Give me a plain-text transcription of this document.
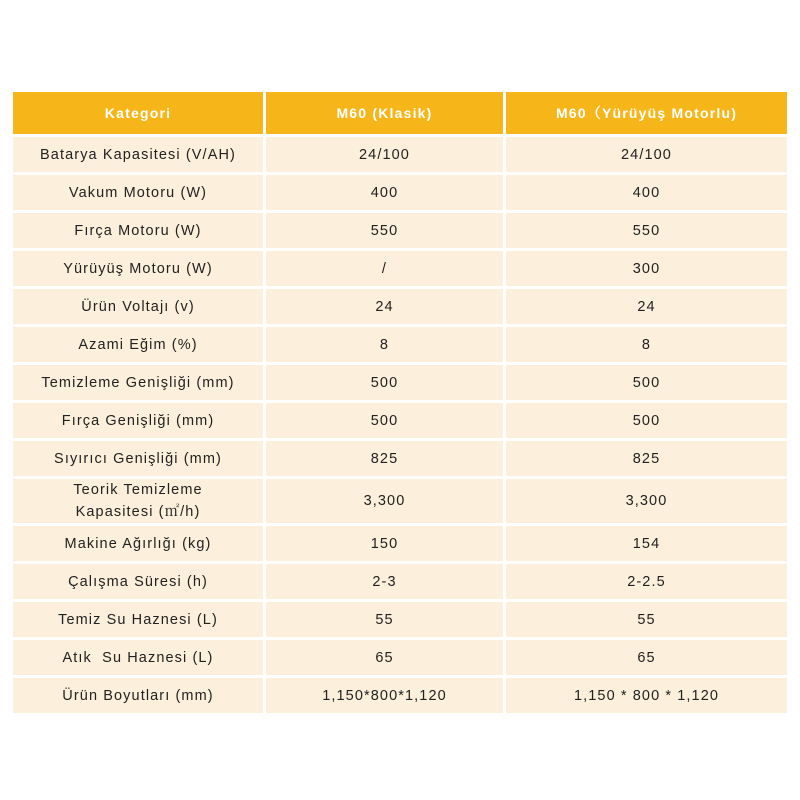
Kategori	M60 (Klasik)	M60（Yürüyüş Motorlu)
Batarya Kapasitesi (V/AH)	24/100	24/100
Vakum Motoru (W)	400	400
Fırça Motoru (W)	550	550
Yürüyüş Motoru (W)	/	300
Ürün Voltajı (v)	24	24
Azami Eğim (%)	8	8
Temizleme Genişliği (mm)	500	500
Fırça Genişliği (mm)	500	500
Sıyırıcı Genişliği (mm)	825	825

Teorik Temizleme
Kapasitesi (㎡/h)	3,300	3,300
Makine Ağırlığı (kg)	150	154
Çalışma Süresi (h)	2-3	2-2.5
Temiz Su Haznesi (L)	55	55
Atık  Su Haznesi (L)	65	65
Ürün Boyutları (mm)	1,150*800*1,120	1,150 * 800 * 1,120
